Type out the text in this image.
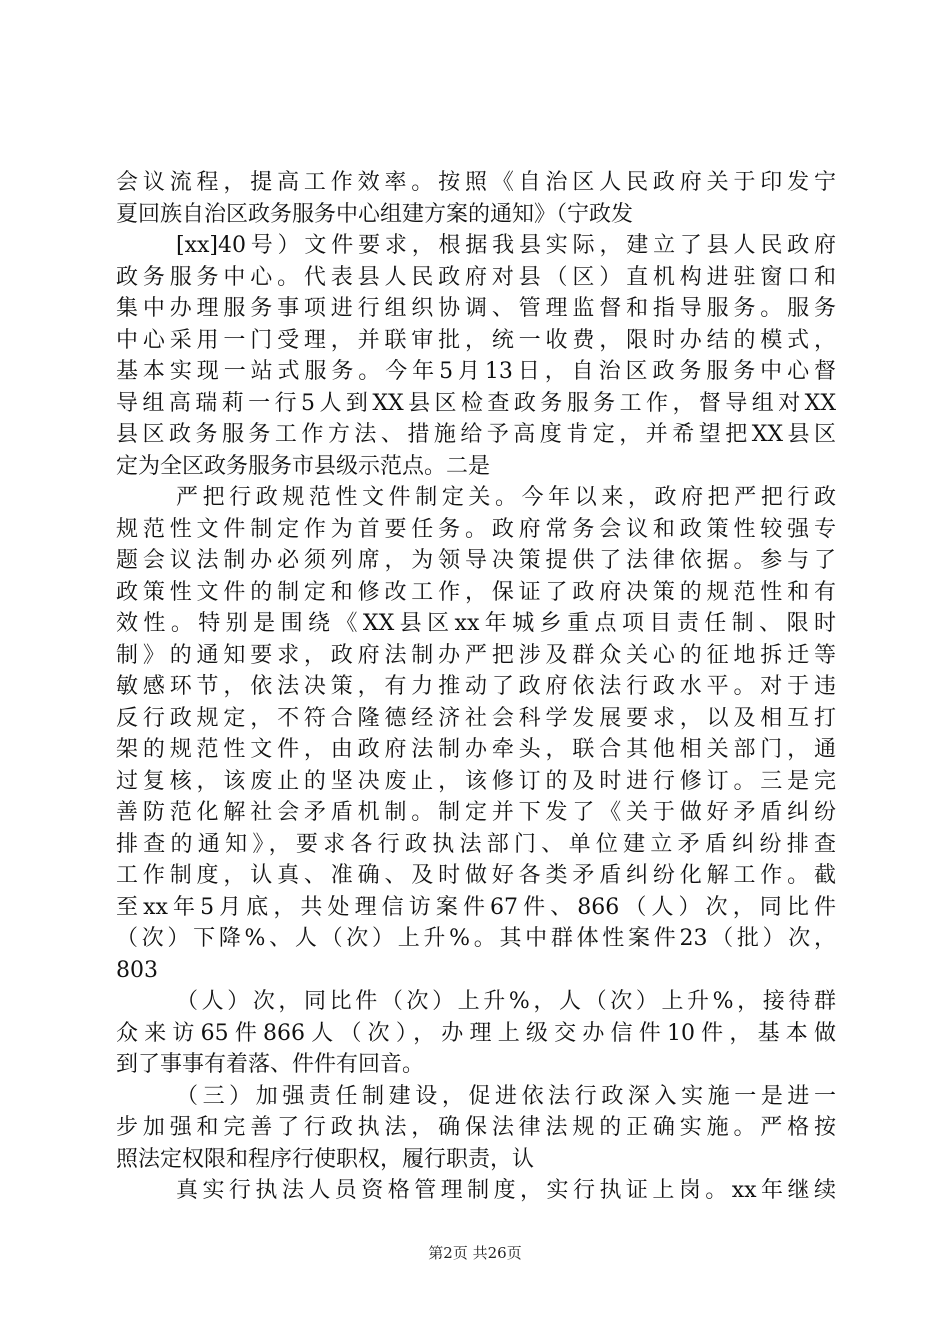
会议流程，提高工作效率。按照《自治区人民政府关于印发宁
夏回族自治区政务服务中心组建方案的通知》（宁政发
[xx]40号）文件要求，根据我县实际，建立了县人民政府
政务服务中心。代表县人民政府对县（区）直机构进驻窗口和
集中办理服务事项进行组织协调、管理监督和指导服务。服务
中心采用一门受理，并联审批，统一收费，限时办结的模式，
基本实现一站式服务。今年5月13日，自治区政务服务中心督
导组高瑞莉一行5人到XX县区检查政务服务工作，督导组对XX
县区政务服务工作方法、措施给予高度肯定，并希望把XX县区
定为全区政务服务市县级示范点。二是
严把行政规范性文件制定关。今年以来，政府把严把行政
规范性文件制定作为首要任务。政府常务会议和政策性较强专
题会议法制办必须列席，为领导决策提供了法律依据。参与了
政策性文件的制定和修改工作，保证了政府决策的规范性和有
效性。特别是围绕《XX县区xx年城乡重点项目责任制、限时
制》的通知要求，政府法制办严把涉及群众关心的征地拆迁等
敏感环节，依法决策，有力推动了政府依法行政水平。对于违
反行政规定，不符合隆德经济社会科学发展要求，以及相互打
架的规范性文件，由政府法制办牵头，联合其他相关部门，通
过复核，该废止的坚决废止，该修订的及时进行修订。三是完
善防范化解社会矛盾机制。制定并下发了《关于做好矛盾纠纷
排查的通知》，要求各行政执法部门、单位建立矛盾纠纷排查
工作制度，认真、准确、及时做好各类矛盾纠纷化解工作。截
至xx年5月底，共处理信访案件67件、866（人）次，同比件
（次）下降%、人（次）上升%。其中群体性案件23（批）次，
803
（人）次，同比件（次）上升%，人（次）上升%，接待群
众来访65件866人（次），办理上级交办信件10件，基本做
到了事事有着落、件件有回音。
（三）加强责任制建设，促进依法行政深入实施一是进一
步加强和完善了行政执法，确保法律法规的正确实施。严格按
照法定权限和程序行使职权，履行职责，认
真实行执法人员资格管理制度，实行执证上岗。xx年继续
第2页 共26页
